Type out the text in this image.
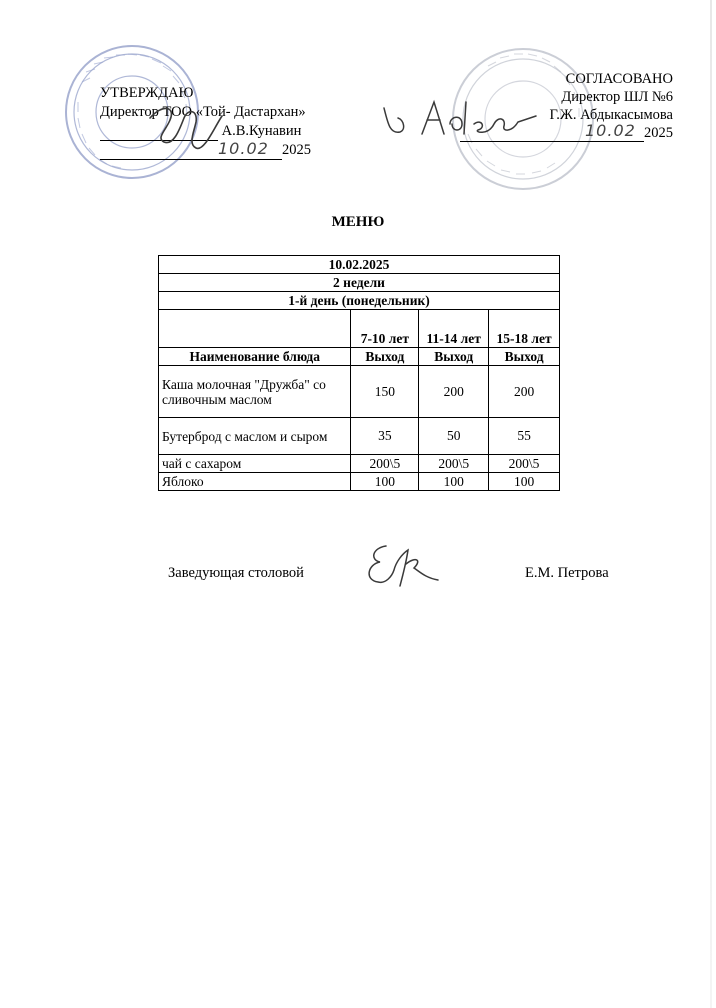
УТВЕРЖДАЮ
Директор ТОО «Той- Дастархан»
А.В.Кунавин
10.02 2025
СОГЛАСОВАНО
Директор ШЛ №6
Г.Ж. Абдыкасымова
10.02 2025
МЕНЮ
10.02.2025			
2 недели			
1-й день (понедельник)			
	7-10 лет	11-14 лет	15-18 лет
Наименование блюда	Выход	Выход	Выход
Каша молочная "Дружба" со сливочным маслом	150	200	200
Бутерброд с маслом и сыром	35	50	55
чай с сахаром	200\5	200\5	200\5
Яблоко	100	100	100
Заведующая столовой	Е.М. Петрова
